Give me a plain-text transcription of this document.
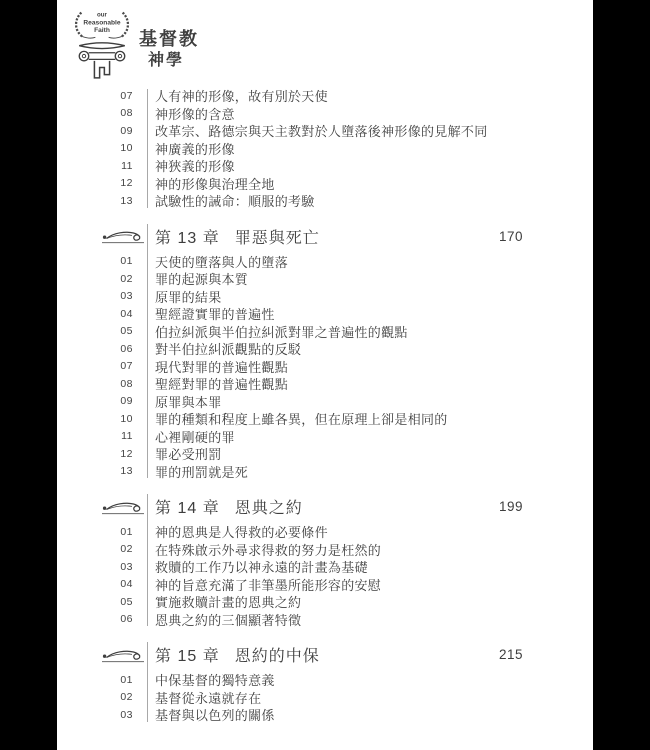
our
Reasonable
Faith 基督教
神學
07	人有神的形像，故有別於天使
08	神形像的含意
09	改革宗、路德宗與天主教對於人墮落後神形像的見解不同
10	神廣義的形像
11	神狹義的形像
12	神的形像與治理全地
13	試驗性的誡命：順服的考驗
第 13 章 罪惡與死亡	170
01	天使的墮落與人的墮落
02	罪的起源與本質
03	原罪的結果
04	聖經證實罪的普遍性
05	伯拉糾派與半伯拉糾派對罪之普遍性的觀點
06	對半伯拉糾派觀點的反駁
07	現代對罪的普遍性觀點
08	聖經對罪的普遍性觀點
09	原罪與本罪
10	罪的種類和程度上雖各異，但在原理上卻是相同的
11	心裡剛硬的罪
12	罪必受刑罰
13	罪的刑罰就是死
第 14 章 恩典之約	199
01	神的恩典是人得救的必要條件
02	在特殊啟示外尋求得救的努力是枉然的
03	救贖的工作乃以神永遠的計畫為基礎
04	神的旨意充滿了非筆墨所能形容的安慰
05	實施救贖計畫的恩典之約
06	恩典之約的三個顯著特徵
第 15 章 恩約的中保	215
01	中保基督的獨特意義
02	基督從永遠就存在
03	基督與以色列的關係
